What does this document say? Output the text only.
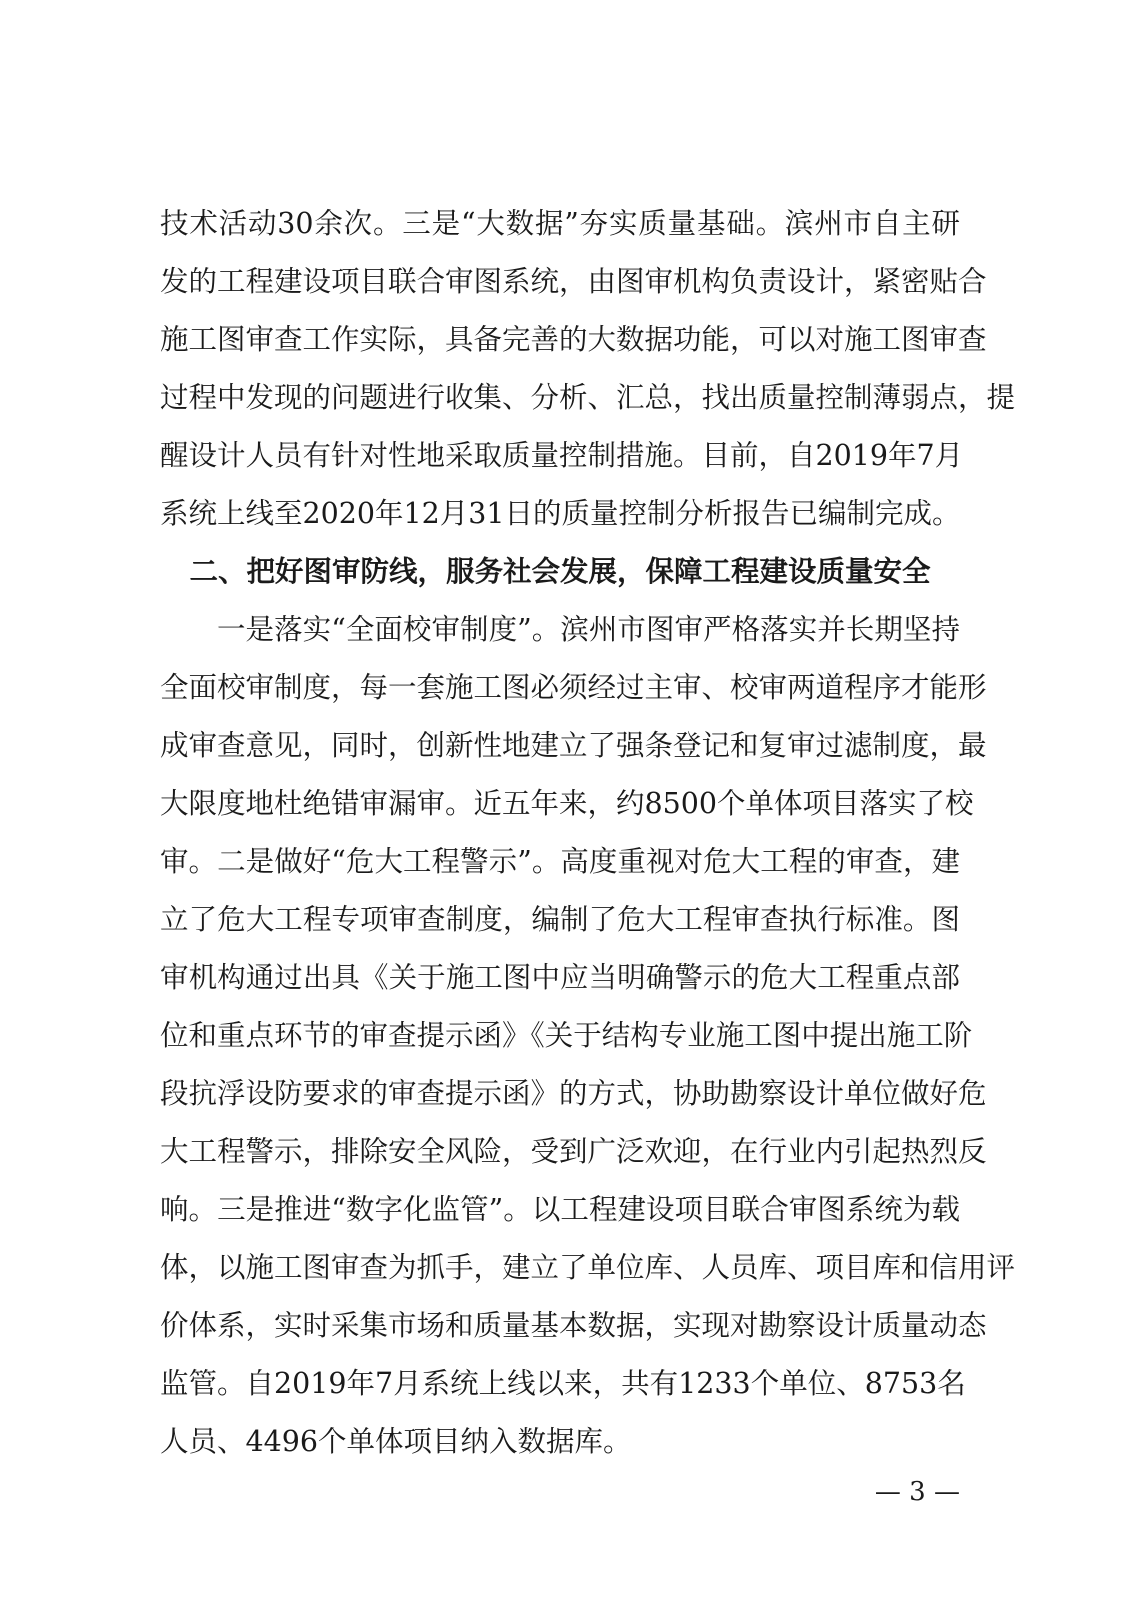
技术活动30余次。三是“大数据”夯实质量基础。滨州市自主研
发的工程建设项目联合审图系统，由图审机构负责设计，紧密贴合
施工图审查工作实际，具备完善的大数据功能，可以对施工图审查
过程中发现的问题进行收集、分析、汇总，找出质量控制薄弱点，提
醒设计人员有针对性地采取质量控制措施。目前，自2019年7月
系统上线至2020年12月31日的质量控制分析报告已编制完成。
二、把好图审防线，服务社会发展，保障工程建设质量安全
一是落实“全面校审制度”。滨州市图审严格落实并长期坚持
全面校审制度，每一套施工图必须经过主审、校审两道程序才能形
成审查意见，同时，创新性地建立了强条登记和复审过滤制度，最
大限度地杜绝错审漏审。近五年来，约8500个单体项目落实了校
审。二是做好“危大工程警示”。高度重视对危大工程的审查，建
立了危大工程专项审查制度，编制了危大工程审查执行标准。图
审机构通过出具《关于施工图中应当明确警示的危大工程重点部
位和重点环节的审查提示函》《关于结构专业施工图中提出施工阶
段抗浮设防要求的审查提示函》的方式，协助勘察设计单位做好危
大工程警示，排除安全风险，受到广泛欢迎，在行业内引起热烈反
响。三是推进“数字化监管”。以工程建设项目联合审图系统为载
体，以施工图审查为抓手，建立了单位库、人员库、项目库和信用评
价体系，实时采集市场和质量基本数据，实现对勘察设计质量动态
监管。自2019年7月系统上线以来，共有1233个单位、8753名
人员、4496个单体项目纳入数据库。
— 3 —
